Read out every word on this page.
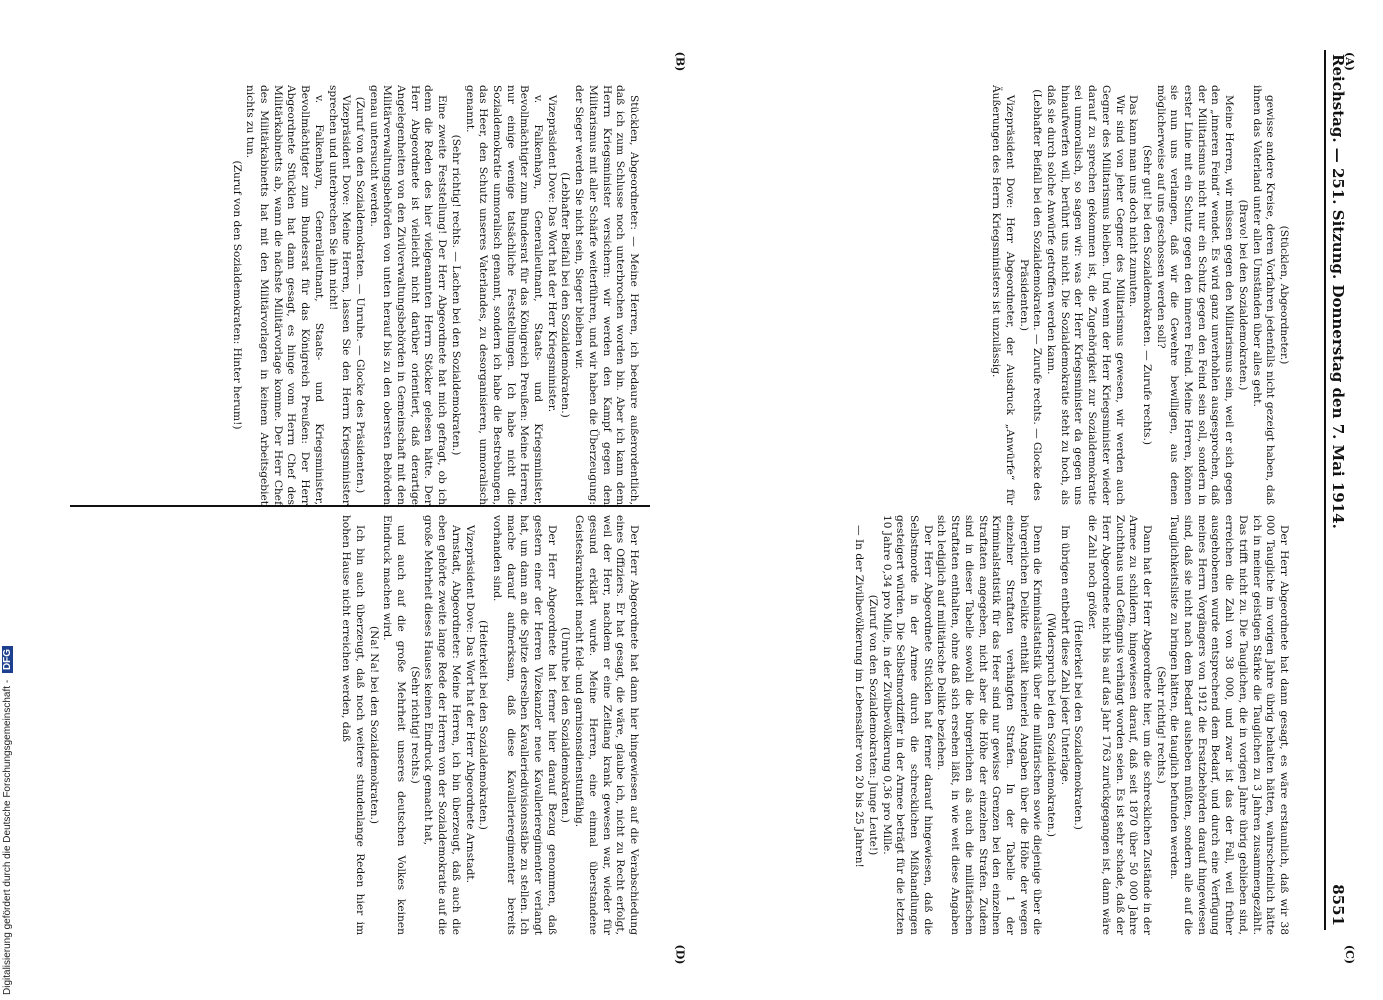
Reichstag. — 251. Sitzung. Donnerstag den 7. Mai 1914.
8551
(A)
(B)
(C)
(D)

(Stücklen, Abgeordneter.)

gewisse andere Kreise, deren Vorfahren jedenfalls nicht gezeigt haben, daß ihnen das Vaterland unter allen Umständen über alles geht.

(Bravo! bei den Sozialdemokraten.)

Meine Herren, wir müssen gegen den Militarismus sein, weil er sich gegen den „inneren Feind“ wendet. Es wird ganz unverhohlen ausgesprochen, daß der Militarismus nicht nur ein Schutz gegen den Feind sein soll, sondern in erster Linie mit ein Schutz gegen den inneren Feind. Meine Herren, können sie nun uns verlangen, daß wir die Gewehre bewilligen, aus denen möglicherweise auf uns geschossen werden soll?

(Sehr gut! bei den Sozialdemokraten. — Zurufe rechts.)

Das kann man uns doch nicht zumuten.

Wir sind von jeher Gegner des Militarismus gewesen, wir werden auch Gegner des Militarismus bleiben. Und wenn der Herr Kriegsminister wieder darauf zu sprechen gekommen ist, die Zugehörigkeit zur Sozialdemokratie sei unmoralisch, so sagen wir: was der Herr Kriegsminister da gegen uns hinaufwerfen will, berührt uns nicht. Die Sozialdemokratie steht zu hoch, als daß sie durch solche Anwürfe getroffen werden kann.

(Lebhafter Beifall bei den Sozialdemokraten. — Zurufe rechts. — Glocke des Präsidenten.)

Vizepräsident Dove: Herr Abgeordneter, der Ausdruck „Anwürfe“ für Äußerungen des Herrn Kriegsministers ist unzulässig.

Stücklen, Abgeordneter: — Meine Herren, ich bedaure außerordentlich, daß ich zum Schlusse noch unterbrochen worden bin. Aber ich kann dem Herrn Kriegsminister versichern: wir werden den Kampf gegen den Militarismus mit aller Schärfe weiterführen, und wir haben die Überzeugung: der Sieger werden Sie nicht sein, Sieger bleiben wir.

(Lebhafter Beifall bei den Sozialdemokraten.)

Vizepräsident Dove: Das Wort hat der Herr Kriegsminister.

v. Falkenhayn, Generalleutnant, Staats- und Kriegsminister, Bevollmächtigter zum Bundesrat für das Königreich Preußen: Meine Herren, nur einige wenige tatsächliche Feststellungen. Ich habe nicht die Sozialdemokratie unmoralisch genannt, sondern ich habe die Bestrebungen, das Heer, den Schutz unseres Vaterlandes, zu desorganisieren, unmoralisch genannt.

(Sehr richtig! rechts. — Lachen bei den Sozialdemokraten.)

Eine zweite Feststellung! Der Herr Abgeordnete hat mich gefragt, ob ich denn die Reden des hier vielgenannten Herrn Stöcker gelesen hätte. Der Herr Abgeordnete ist vielleicht nicht darüber orientiert, daß derartige Angelegenheiten von den Zivilverwaltungsbehörden in Gemeinschaft mit den Militärverwaltungsbehörden von unten herauf bis zu den obersten Behörden genau untersucht werden.

(Zuruf von den Sozialdemokraten. — Unruhe. — Glocke des Präsidenten.)

Vizepräsident Dove: Meine Herren, lassen Sie den Herrn Kriegsminister sprechen und unterbrechen Sie ihn nicht!

v. Falkenhayn, Generalleutnant, Staats- und Kriegsminister, Bevollmächtigter zum Bundesrat für das Königreich Preußen: Der Herr Abgeordnete Stücklen hat dann gesagt, es hinge vom Herrn Chef des Militärkabinetts ab, wann die nächste Militärvorlage komme. Der Herr Chef des Militärkabinetts hat mit den Militärvorlagen in keinem Arbeitsgebiet nichts zu tun.

(Zuruf von den Sozialdemokraten: Hinter herum!)

Der Herr Abgeordnete hat dann gesagt, es wäre erstaunlich, daß wir 38 000 Taugliche im vorigen Jahre übrig behalten hätten, wahrscheinlich hätte ich in meiner geistigen Stärke die Tauglichen zu 3 Jahren zusammengezählt. Das trifft nicht zu. Die Tauglichen, die in vorigen Jahre übrig geblieben sind, erreichen die Zahl von 38 000, und zwar ist das der Fall, weil früher ausgehobenen wurde entsprechend dem Bedarf, und durch eine Verfügung meines Herrn Vorgängers von 1912 die Ersatzbehörden darauf hingewiesen sind, daß sie nicht nach dem Bedarf ausheben müßten, sondern alle auf die Tauglichkeitsliste zu bringen hätten, die tauglich befunden werden.

(Sehr richtig! rechts.)

Dann hat der Herr Abgeordnete hier, um die schrecklichen Zustände in der Armee zu schildern, hingewiesen darauf, daß seit 1870 über 50 000 Jahre Zuchthaus und Gefängnis verhängt worden seien. Es ist sehr schade, daß der Herr Abgeordnete nicht bis auf das Jahr 1763 zurückgegangen ist, dann wäre die Zahl noch größer.

(Heiterkeit bei den Sozialdemokraten.)

Im übrigen entbehrt diese Zahl jeder Unterlage.

(Widerspruch bei den Sozialdemokraten.)

Denn die Kriminalstatistik über die militärischen sowie diejenige über die bürgerlichen Delikte enthält keinerlei Angaben über die Höhe der wegen einzelner Straftaten verhängten Strafen. In der Tabelle 1 der Kriminalstatistik für das Heer sind nur gewisse Grenzen bei den einzelnen Straftaten angegeben, nicht aber die Höhe der einzelnen Strafen. Zudem sind in dieser Tabelle sowohl die bürgerlichen als auch die militärischen Straftaten enthalten, ohne daß sich ersehen läßt, in wie weit diese Angaben sich lediglich auf militärische Delikte beziehen.

Der Herr Abgeordnete Stücklen hat ferner darauf hingewiesen, daß die Selbstmorde in der Armee durch die schrecklichen Mißhandlungen gesteigert würden. Die Selbstmordziffer in der Armee beträgt für die letzten 10 Jahre 0,34 pro Mille, in der Zivilbevölkerung 0,36 pro Mille.

(Zuruf von den Sozialdemokraten: Junge Leute!)

— In der Zivilbevölkerung im Lebensalter von 20 bis 25 Jahren!

Der Herr Abgeordnete hat dann hier hingewiesen auf die Verabschiedung eines Offiziers. Er hat gesagt, die wäre, glaube ich, nicht zu Recht erfolgt, weil der Herr, nachdem er eine Zeitlang krank gewesen war, wieder für gesund erklärt wurde. Meine Herren, eine einmal überstandene Geisteskrankheit macht feld- und garnisonsdienstunfähig.

(Unruhe bei den Sozialdemokraten.)

Der Herr Abgeordnete hat ferner hier darauf Bezug genommen, daß gestern einer der Herren Vizekanzler neue Kavallerieregimenter verlangt hat, um dann an die Spitze derselben Kavalleriedivisionsstäbe zu stellen. Ich mache darauf aufmerksam, daß diese Kavallerieregimenter bereits vorhanden sind.

(Heiterkeit bei den Sozialdemokraten.)

Vizepräsident Dove: Das Wort hat der Herr Abgeordnete Arnstadt.

Arnstadt, Abgeordneter: Meine Herren, ich bin überzeugt, daß auch die eben gehörte zweite lange Rede der Herren von der Sozialdemokratie auf die große Mehrheit dieses Hauses keinen Eindruck gemacht hat,

(Sehr richtig! rechts.)

und auch auf die große Mehrheit unseres deutschen Volkes keinen Eindruck machen wird.

(Na! Na! bei den Sozialdemokraten.)

Ich bin auch überzeugt, daß noch weitere stundenlange Reden hier im hohen Hause nicht erreichen werden, daß

Digitalisierung gefördert durch die Deutsche Forschungsgemeinschaft - DFG
